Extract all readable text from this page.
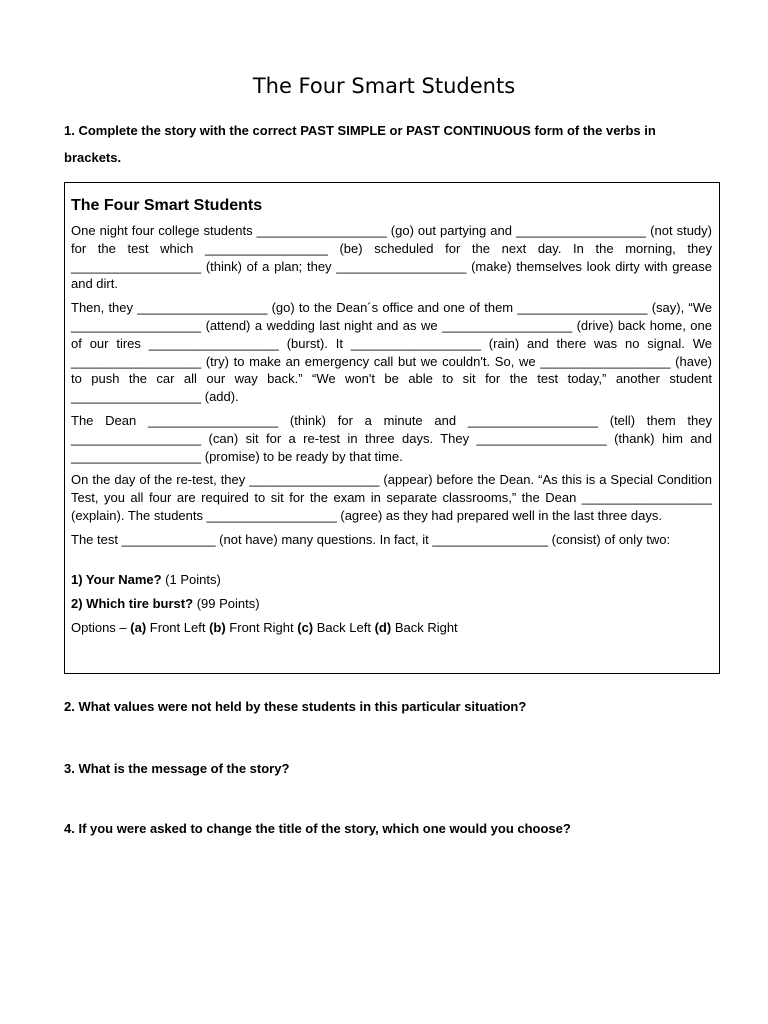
The Four Smart Students
1. Complete the story with the correct PAST SIMPLE or PAST CONTINUOUS form of the verbs in brackets.
The Four Smart Students

One night four college students __________________ (go) out partying and __________________ (not study) for the test which _________________ (be) scheduled for the next day. In the morning, they __________________ (think) of a plan; they __________________ (make) themselves look dirty with grease and dirt.

Then, they __________________ (go) to the Dean´s office and one of them __________________ (say), “We __________________ (attend) a wedding last night and as we __________________ (drive) back home, one of our tires __________________ (burst). It __________________ (rain) and there was no signal. We __________________ (try) to make an emergency call but we couldn't. So, we __________________ (have) to push the car all our way back.” “We won't be able to sit for the test today,” another student __________________ (add).

The Dean __________________ (think) for a minute and __________________ (tell) them they __________________ (can) sit for a re-test in three days. They __________________ (thank) him and __________________ (promise) to be ready by that time.

On the day of the re-test, they __________________ (appear) before the Dean. “As this is a Special Condition Test, you all four are required to sit for the exam in separate classrooms,” the Dean __________________ (explain). The students __________________ (agree) as they had prepared well in the last three days.

The test _____________ (not have) many questions. In fact, it ________________ (consist) of only two:

1) Your Name? (1 Points)
2) Which tire burst? (99 Points)
Options – (a) Front Left (b) Front Right (c) Back Left (d) Back Right
2. What values were not held by these students in this particular situation?
3. What is the message of the story?
4. If you were asked to change the title of the story, which one would you choose?
